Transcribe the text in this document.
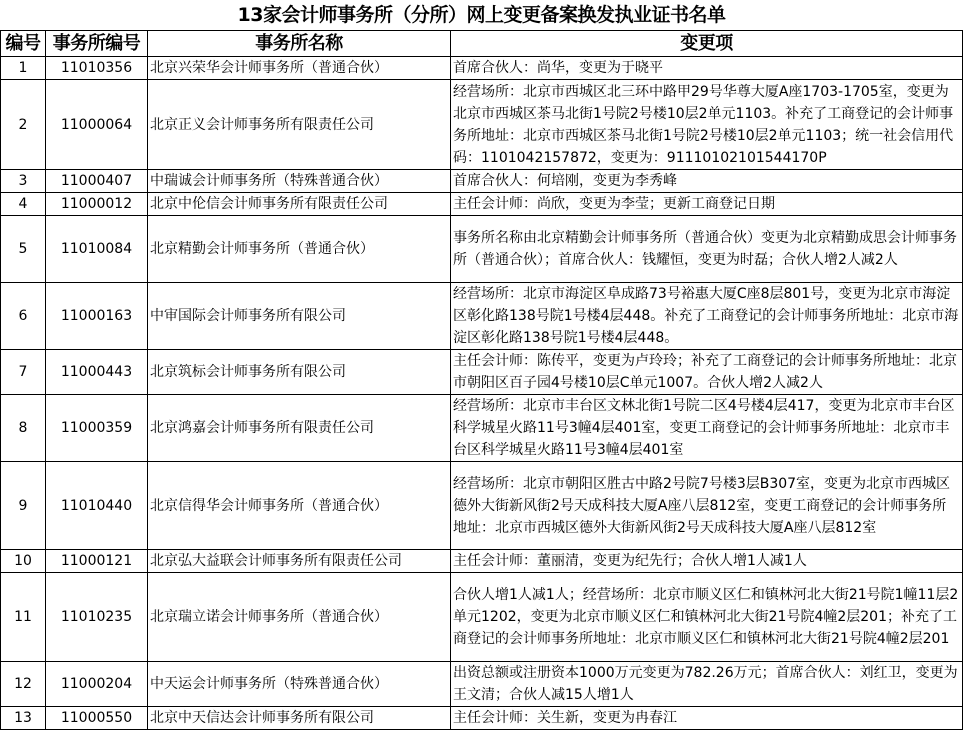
13家会计师事务所（分所）网上变更备案换发执业证书名单
编号	事务所编号	事务所名称	变更项
1	11010356	北京兴荣华会计师事务所（普通合伙）	首席合伙人：尚华，变更为于晓平
2	11000064	北京正义会计师事务所有限责任公司	经营场所：北京市西城区北三环中路甲29号华尊大厦A座1703-1705室，变更为北京市西城区茶马北街1号院2号楼10层2单元1103。补充了工商登记的会计师事务所地址：北京市西城区茶马北街1号院2号楼10层2单元1103；统一社会信用代码：1101042157872，变更为：91110102101544170P
3	11000407	中瑞诚会计师事务所（特殊普通合伙）	首席合伙人：何培刚，变更为李秀峰
4	11000012	北京中伦信会计师事务所有限责任公司	主任会计师：尚欣，变更为李莹；更新工商登记日期
5	11010084	北京精勤会计师事务所（普通合伙）	事务所名称由北京精勤会计师事务所（普通合伙）变更为北京精勤成思会计师事务所（普通合伙）；首席合伙人：钱耀恒，变更为时磊；合伙人增2人减2人
6	11000163	中审国际会计师事务所有限公司	经营场所：北京市海淀区阜成路73号裕惠大厦C座8层801号，变更为北京市海淀区彰化路138号院1号楼4层448。补充了工商登记的会计师事务所地址：北京市海淀区彰化路138号院1号楼4层448。
7	11000443	北京筑标会计师事务所有限公司	主任会计师：陈传平，变更为卢玲玲；补充了工商登记的会计师事务所地址：北京市朝阳区百子园4号楼10层C单元1007。合伙人增2人减2人
8	11000359	北京鸿嘉会计师事务所有限责任公司	经营场所：北京市丰台区文林北街1号院二区4号楼4层417，变更为北京市丰台区科学城星火路11号3幢4层401室，变更工商登记的会计师事务所地址：北京市丰台区科学城星火路11号3幢4层401室
9	11010440	北京信得华会计师事务所（普通合伙）	经营场所：北京市朝阳区胜古中路2号院7号楼3层B307室，变更为北京市西城区德外大街新风街2号天成科技大厦A座八层812室，变更工商登记的会计师事务所地址：北京市西城区德外大街新风街2号天成科技大厦A座八层812室
10	11000121	北京弘大益联会计师事务所有限责任公司	主任会计师：董丽清，变更为纪先行；合伙人增1人减1人
11	11010235	北京瑞立诺会计师事务所（普通合伙）	合伙人增1人减1人；经营场所：北京市顺义区仁和镇林河北大街21号院1幢11层2单元1202，变更为北京市顺义区仁和镇林河北大街21号院4幢2层201；补充了工商登记的会计师事务所地址：北京市顺义区仁和镇林河北大街21号院4幢2层201
12	11000204	中天运会计师事务所（特殊普通合伙）	出资总额或注册资本1000万元变更为782.26万元；首席合伙人：刘红卫，变更为王文清；合伙人减15人增1人
13	11000550	北京中天信达会计师事务所有限公司	主任会计师：关生新，变更为冉春江
